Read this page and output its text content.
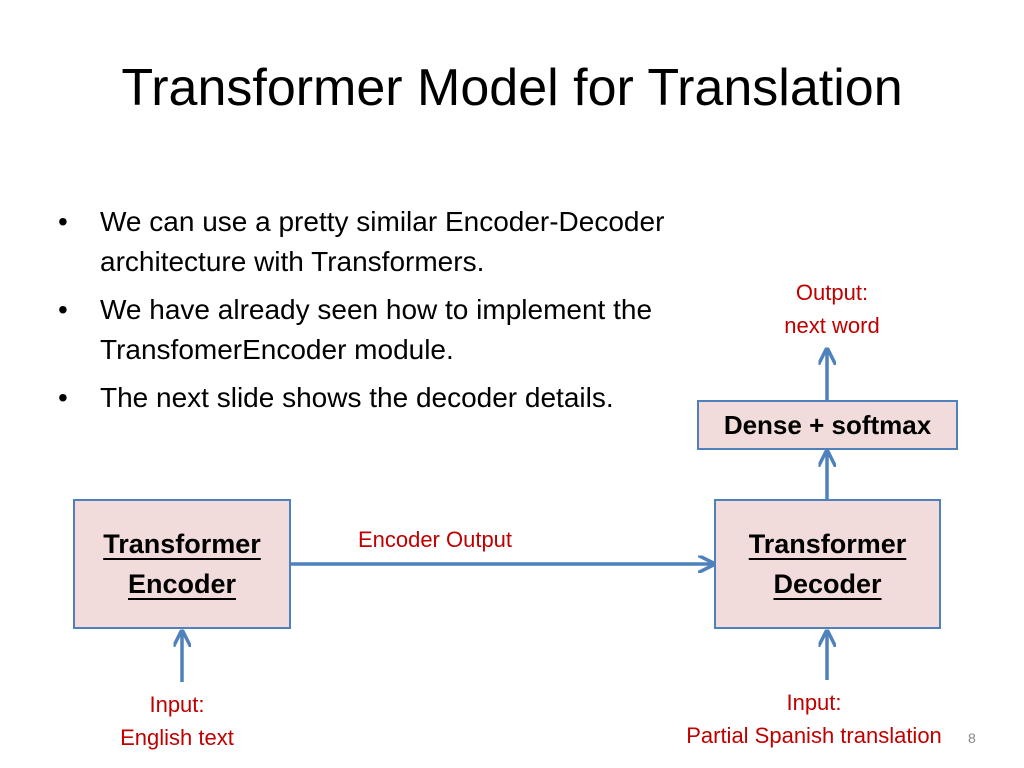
Transformer Model for Translation
• We can use a pretty similar Encoder-Decoder architecture with Transformers.
• We have already seen how to implement the TransfomerEncoder module.
• The next slide shows the decoder details.
Transformer
Encoder
Transformer
Decoder
Dense + softmax
Output:
next word
Encoder Output
Input:
English text
Input:
Partial Spanish translation	8
